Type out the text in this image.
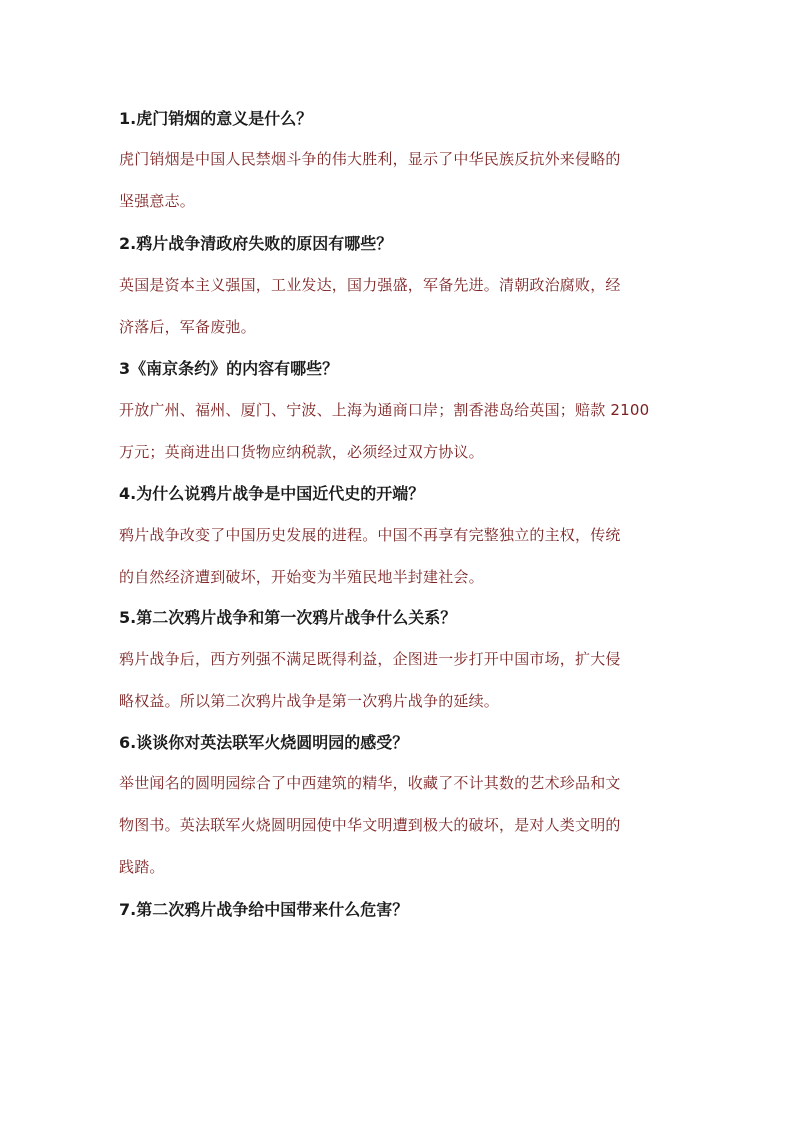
1.虎门销烟的意义是什么？

虎门销烟是中国人民禁烟斗争的伟大胜利，显示了中华民族反抗外来侵略的
坚强意志。

2.鸦片战争清政府失败的原因有哪些？

英国是资本主义强国，工业发达，国力强盛，军备先进。清朝政治腐败，经
济落后，军备废弛。

3《南京条约》的内容有哪些？

开放广州、福州、厦门、宁波、上海为通商口岸；割香港岛给英国；赔款 2100
万元；英商进出口货物应纳税款，必须经过双方协议。

4.为什么说鸦片战争是中国近代史的开端？

鸦片战争改变了中国历史发展的进程。中国不再享有完整独立的主权，传统
的自然经济遭到破坏，开始变为半殖民地半封建社会。

5.第二次鸦片战争和第一次鸦片战争什么关系？

鸦片战争后，西方列强不满足既得利益，企图进一步打开中国市场，扩大侵
略权益。所以第二次鸦片战争是第一次鸦片战争的延续。

6.谈谈你对英法联军火烧圆明园的感受？

举世闻名的圆明园综合了中西建筑的精华，收藏了不计其数的艺术珍品和文
物图书。英法联军火烧圆明园使中华文明遭到极大的破坏，是对人类文明的
践踏。

7.第二次鸦片战争给中国带来什么危害？
